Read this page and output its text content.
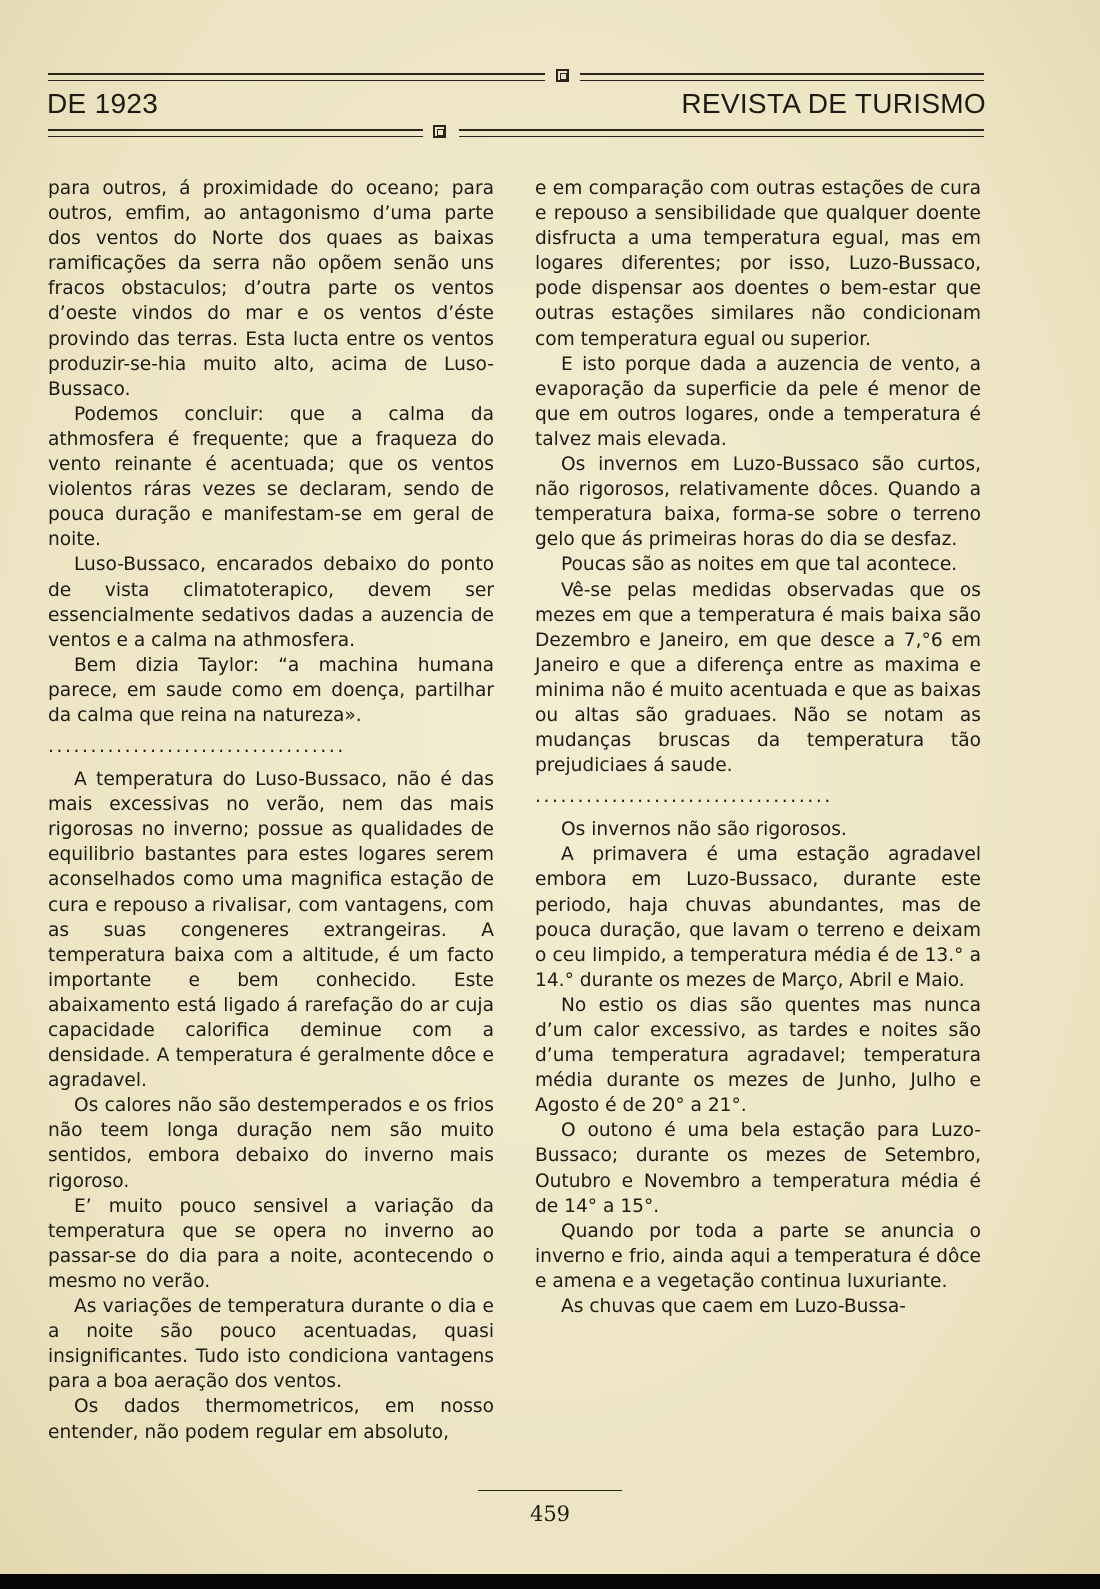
DE 1923	REVISTA DE TURISMO

para outros, á proximidade do oceano; para outros, emfim, ao antagonismo d’uma parte dos ventos do Norte dos quaes as baixas ramificações da serra não opõem senão uns fracos obstaculos; d’outra parte os ventos d’oeste vindos do mar e os ventos d’éste provindo das terras. Esta lucta entre os ventos produzir-se-hia muito alto, acima de Luso-Bussaco.

Podemos concluir: que a calma da athmosfera é frequente; que a fraqueza do vento reinante é acentuada; que os ventos violentos ráras vezes se declaram, sendo de pouca duração e manifestam-se em geral de noite.

Luso-Bussaco, encarados debaixo do ponto de vista climatoterapico, devem ser essencialmente sedativos dadas a auzencia de ventos e a calma na athmosfera.

Bem dizia Taylor: “a machina humana parece, em saude como em doença, partilhar da calma que reina na natureza».

...................................

A temperatura do Luso-Bussaco, não é das mais excessivas no verão, nem das mais rigorosas no inverno; possue as qualidades de equilibrio bastantes para estes logares serem aconselhados como uma magnifica estação de cura e repouso a rivalisar, com vantagens, com as suas congeneres extrangeiras. A temperatura baixa com a altitude, é um facto importante e bem conhecido. Este abaixamento está ligado á rarefação do ar cuja capacidade calorifica deminue com a densidade. A temperatura é geralmente dôce e agradavel.

Os calores não são destemperados e os frios não teem longa duração nem são muito sentidos, embora debaixo do inverno mais rigoroso.

E’ muito pouco sensivel a variação da temperatura que se opera no inverno ao passar-se do dia para a noite, acontecendo o mesmo no verão.

As variações de temperatura durante o dia e a noite são pouco acentuadas, quasi insignificantes. Tudo isto condiciona vantagens para a boa aeração dos ventos.

Os dados thermometricos, em nosso entender, não podem regular em absoluto,

e em comparação com outras estações de cura e repouso a sensibilidade que qualquer doente disfructa a uma temperatura egual, mas em logares diferentes; por isso, Luzo-Bussaco, pode dispensar aos doentes o bem-estar que outras estações similares não condicionam com temperatura egual ou superior.

E isto porque dada a auzencia de vento, a evaporação da superficie da pele é menor de que em outros logares, onde a temperatura é talvez mais elevada.

Os invernos em Luzo-Bussaco são curtos, não rigorosos, relativamente dôces. Quando a temperatura baixa, forma-se sobre o terreno gelo que ás primeiras horas do dia se desfaz.

Poucas são as noites em que tal acontece.

Vê-se pelas medidas observadas que os mezes em que a temperatura é mais baixa são Dezembro e Janeiro, em que desce a 7,°6 em Janeiro e que a diferença entre as maxima e minima não é muito acentuada e que as baixas ou altas são graduaes. Não se notam as mudanças bruscas da temperatura tão prejudiciaes á saude.

...................................

Os invernos não são rigorosos.

A primavera é uma estação agradavel embora em Luzo-Bussaco, durante este periodo, haja chuvas abundantes, mas de pouca duração, que lavam o terreno e deixam o ceu limpido, a temperatura média é de 13.° a 14.° durante os mezes de Março, Abril e Maio.

No estio os dias são quentes mas nunca d’um calor excessivo, as tardes e noites são d’uma temperatura agradavel; temperatura média durante os mezes de Junho, Julho e Agosto é de 20° a 21°.

O outono é uma bela estação para Luzo-Bussaco; durante os mezes de Setembro, Outubro e Novembro a temperatura média é de 14° a 15°.

Quando por toda a parte se anuncia o inverno e frio, ainda aqui a temperatura é dôce e amena e a vegetação continua luxuriante.

As chuvas que caem em Luzo-Bussa-

459
